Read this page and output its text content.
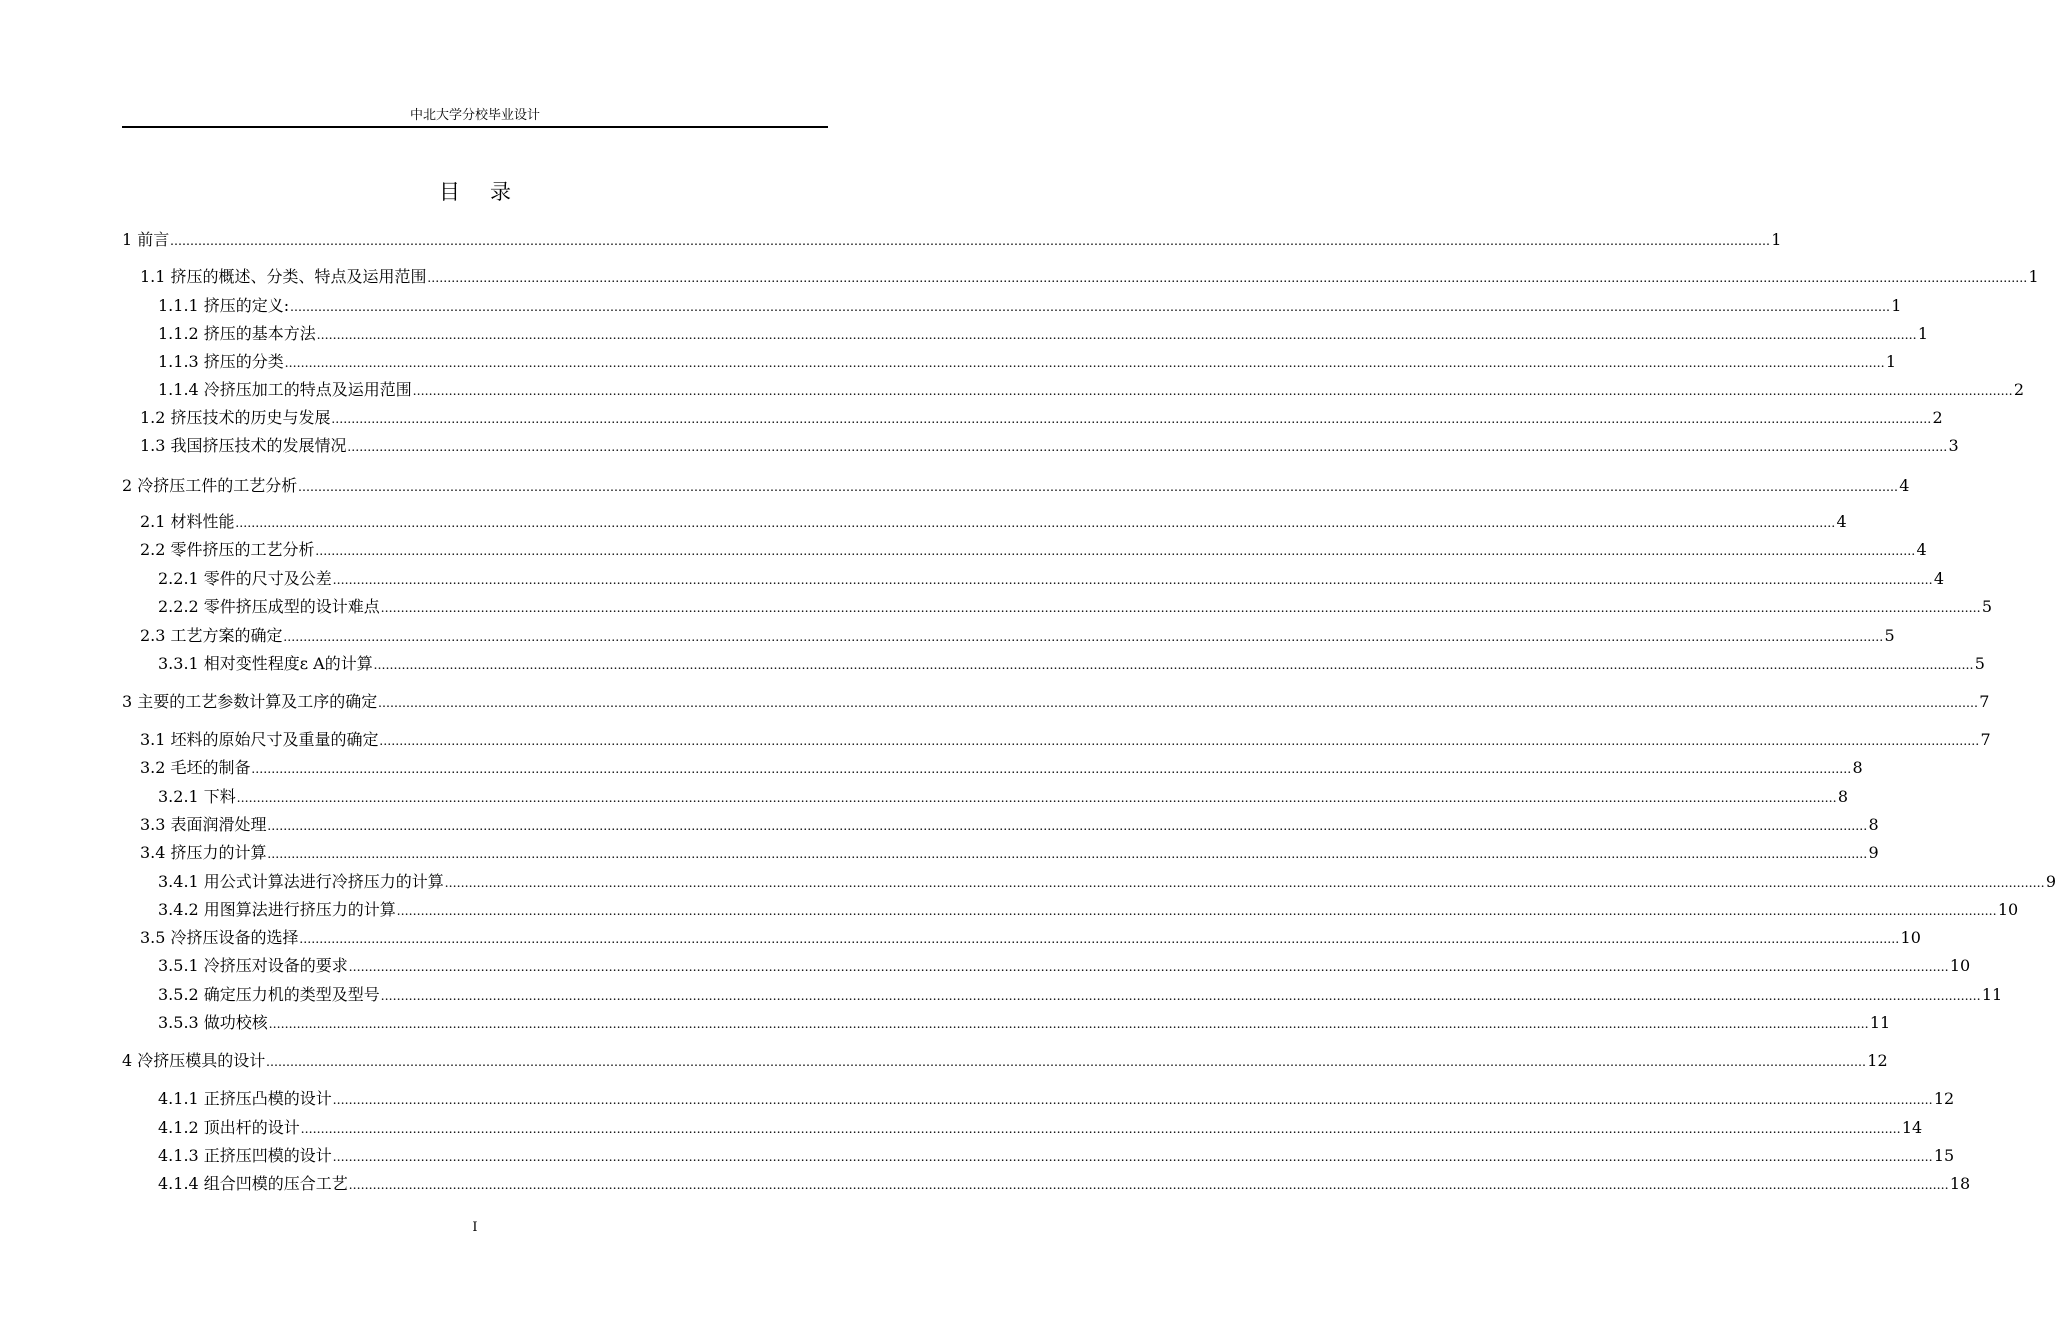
中北大学分校毕业设计
目 录
1 前言 ................................................................................................................................................................................................................................................................................................................................................................................................................ 1
1.1 挤压的概述、分类、特点及运用范围 ................................................................................................................................................................................................................................................................................................................................................................................................................ 1
1.1.1 挤压的定义: ................................................................................................................................................................................................................................................................................................................................................................................................................ 1
1.1.2 挤压的基本方法 ................................................................................................................................................................................................................................................................................................................................................................................................................ 1
1.1.3 挤压的分类 ................................................................................................................................................................................................................................................................................................................................................................................................................ 1
1.1.4 冷挤压加工的特点及运用范围 ................................................................................................................................................................................................................................................................................................................................................................................................................ 2
1.2 挤压技术的历史与发展 ................................................................................................................................................................................................................................................................................................................................................................................................................ 2
1.3 我国挤压技术的发展情况 ................................................................................................................................................................................................................................................................................................................................................................................................................ 3
2 冷挤压工件的工艺分析 ................................................................................................................................................................................................................................................................................................................................................................................................................ 4
2.1 材料性能 ................................................................................................................................................................................................................................................................................................................................................................................................................ 4
2.2 零件挤压的工艺分析 ................................................................................................................................................................................................................................................................................................................................................................................................................ 4
2.2.1 零件的尺寸及公差 ................................................................................................................................................................................................................................................................................................................................................................................................................ 4
2.2.2 零件挤压成型的设计难点 ................................................................................................................................................................................................................................................................................................................................................................................................................ 5
2.3 工艺方案的确定 ................................................................................................................................................................................................................................................................................................................................................................................................................ 5
3.3.1 相对变性程度ε A的计算 ................................................................................................................................................................................................................................................................................................................................................................................................................ 5
3 主要的工艺参数计算及工序的确定 ................................................................................................................................................................................................................................................................................................................................................................................................................ 7
3.1 坯料的原始尺寸及重量的确定 ................................................................................................................................................................................................................................................................................................................................................................................................................ 7
3.2 毛坯的制备 ................................................................................................................................................................................................................................................................................................................................................................................................................ 8
3.2.1 下料 ................................................................................................................................................................................................................................................................................................................................................................................................................ 8
3.3 表面润滑处理 ................................................................................................................................................................................................................................................................................................................................................................................................................ 8
3.4 挤压力的计算 ................................................................................................................................................................................................................................................................................................................................................................................................................ 9
3.4.1 用公式计算法进行冷挤压力的计算 ................................................................................................................................................................................................................................................................................................................................................................................................................ 9
3.4.2 用图算法进行挤压力的计算 ................................................................................................................................................................................................................................................................................................................................................................................................................ 10
3.5 冷挤压设备的选择 ................................................................................................................................................................................................................................................................................................................................................................................................................ 10
3.5.1 冷挤压对设备的要求 ................................................................................................................................................................................................................................................................................................................................................................................................................ 10
3.5.2 确定压力机的类型及型号 ................................................................................................................................................................................................................................................................................................................................................................................................................ 11
3.5.3 做功校核 ................................................................................................................................................................................................................................................................................................................................................................................................................ 11
4 冷挤压模具的设计 ................................................................................................................................................................................................................................................................................................................................................................................................................ 12
4.1.1 正挤压凸模的设计 ................................................................................................................................................................................................................................................................................................................................................................................................................ 12
4.1.2 顶出杆的设计 ................................................................................................................................................................................................................................................................................................................................................................................................................ 14
4.1.3 正挤压凹模的设计 ................................................................................................................................................................................................................................................................................................................................................................................................................ 15
4.1.4 组合凹模的压合工艺 ................................................................................................................................................................................................................................................................................................................................................................................................................ 18
I
